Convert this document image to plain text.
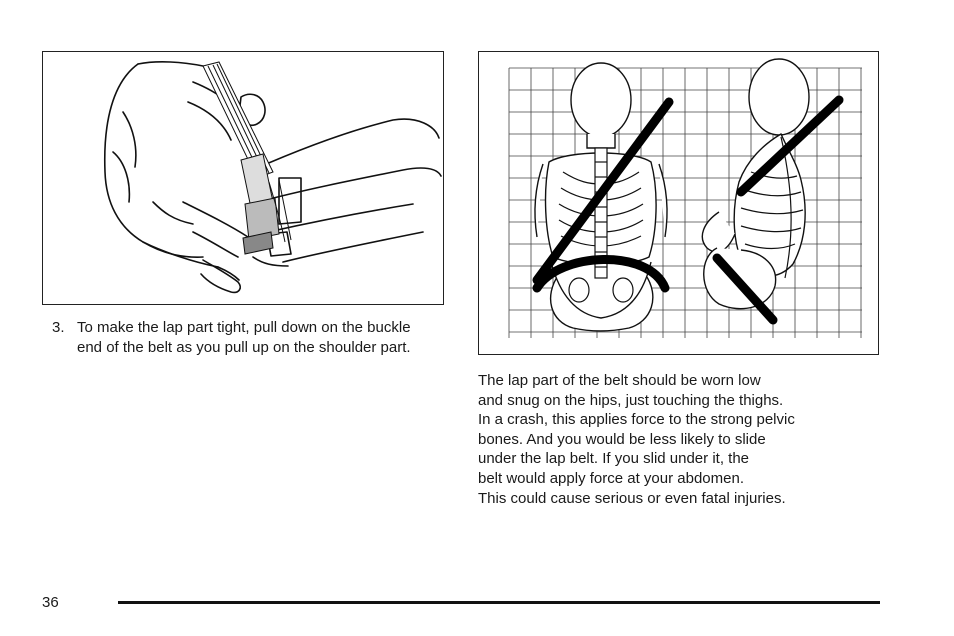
3. To make the lap part tight, pull down on the buckle end of the belt as you pull up on the shoulder part.
The lap part of the belt should be worn low
and snug on the hips, just touching the thighs.
In a crash, this applies force to the strong pelvic
bones. And you would be less likely to slide
under the lap belt. If you slid under it, the
belt would apply force at your abdomen.
This could cause serious or even fatal injuries.
36
